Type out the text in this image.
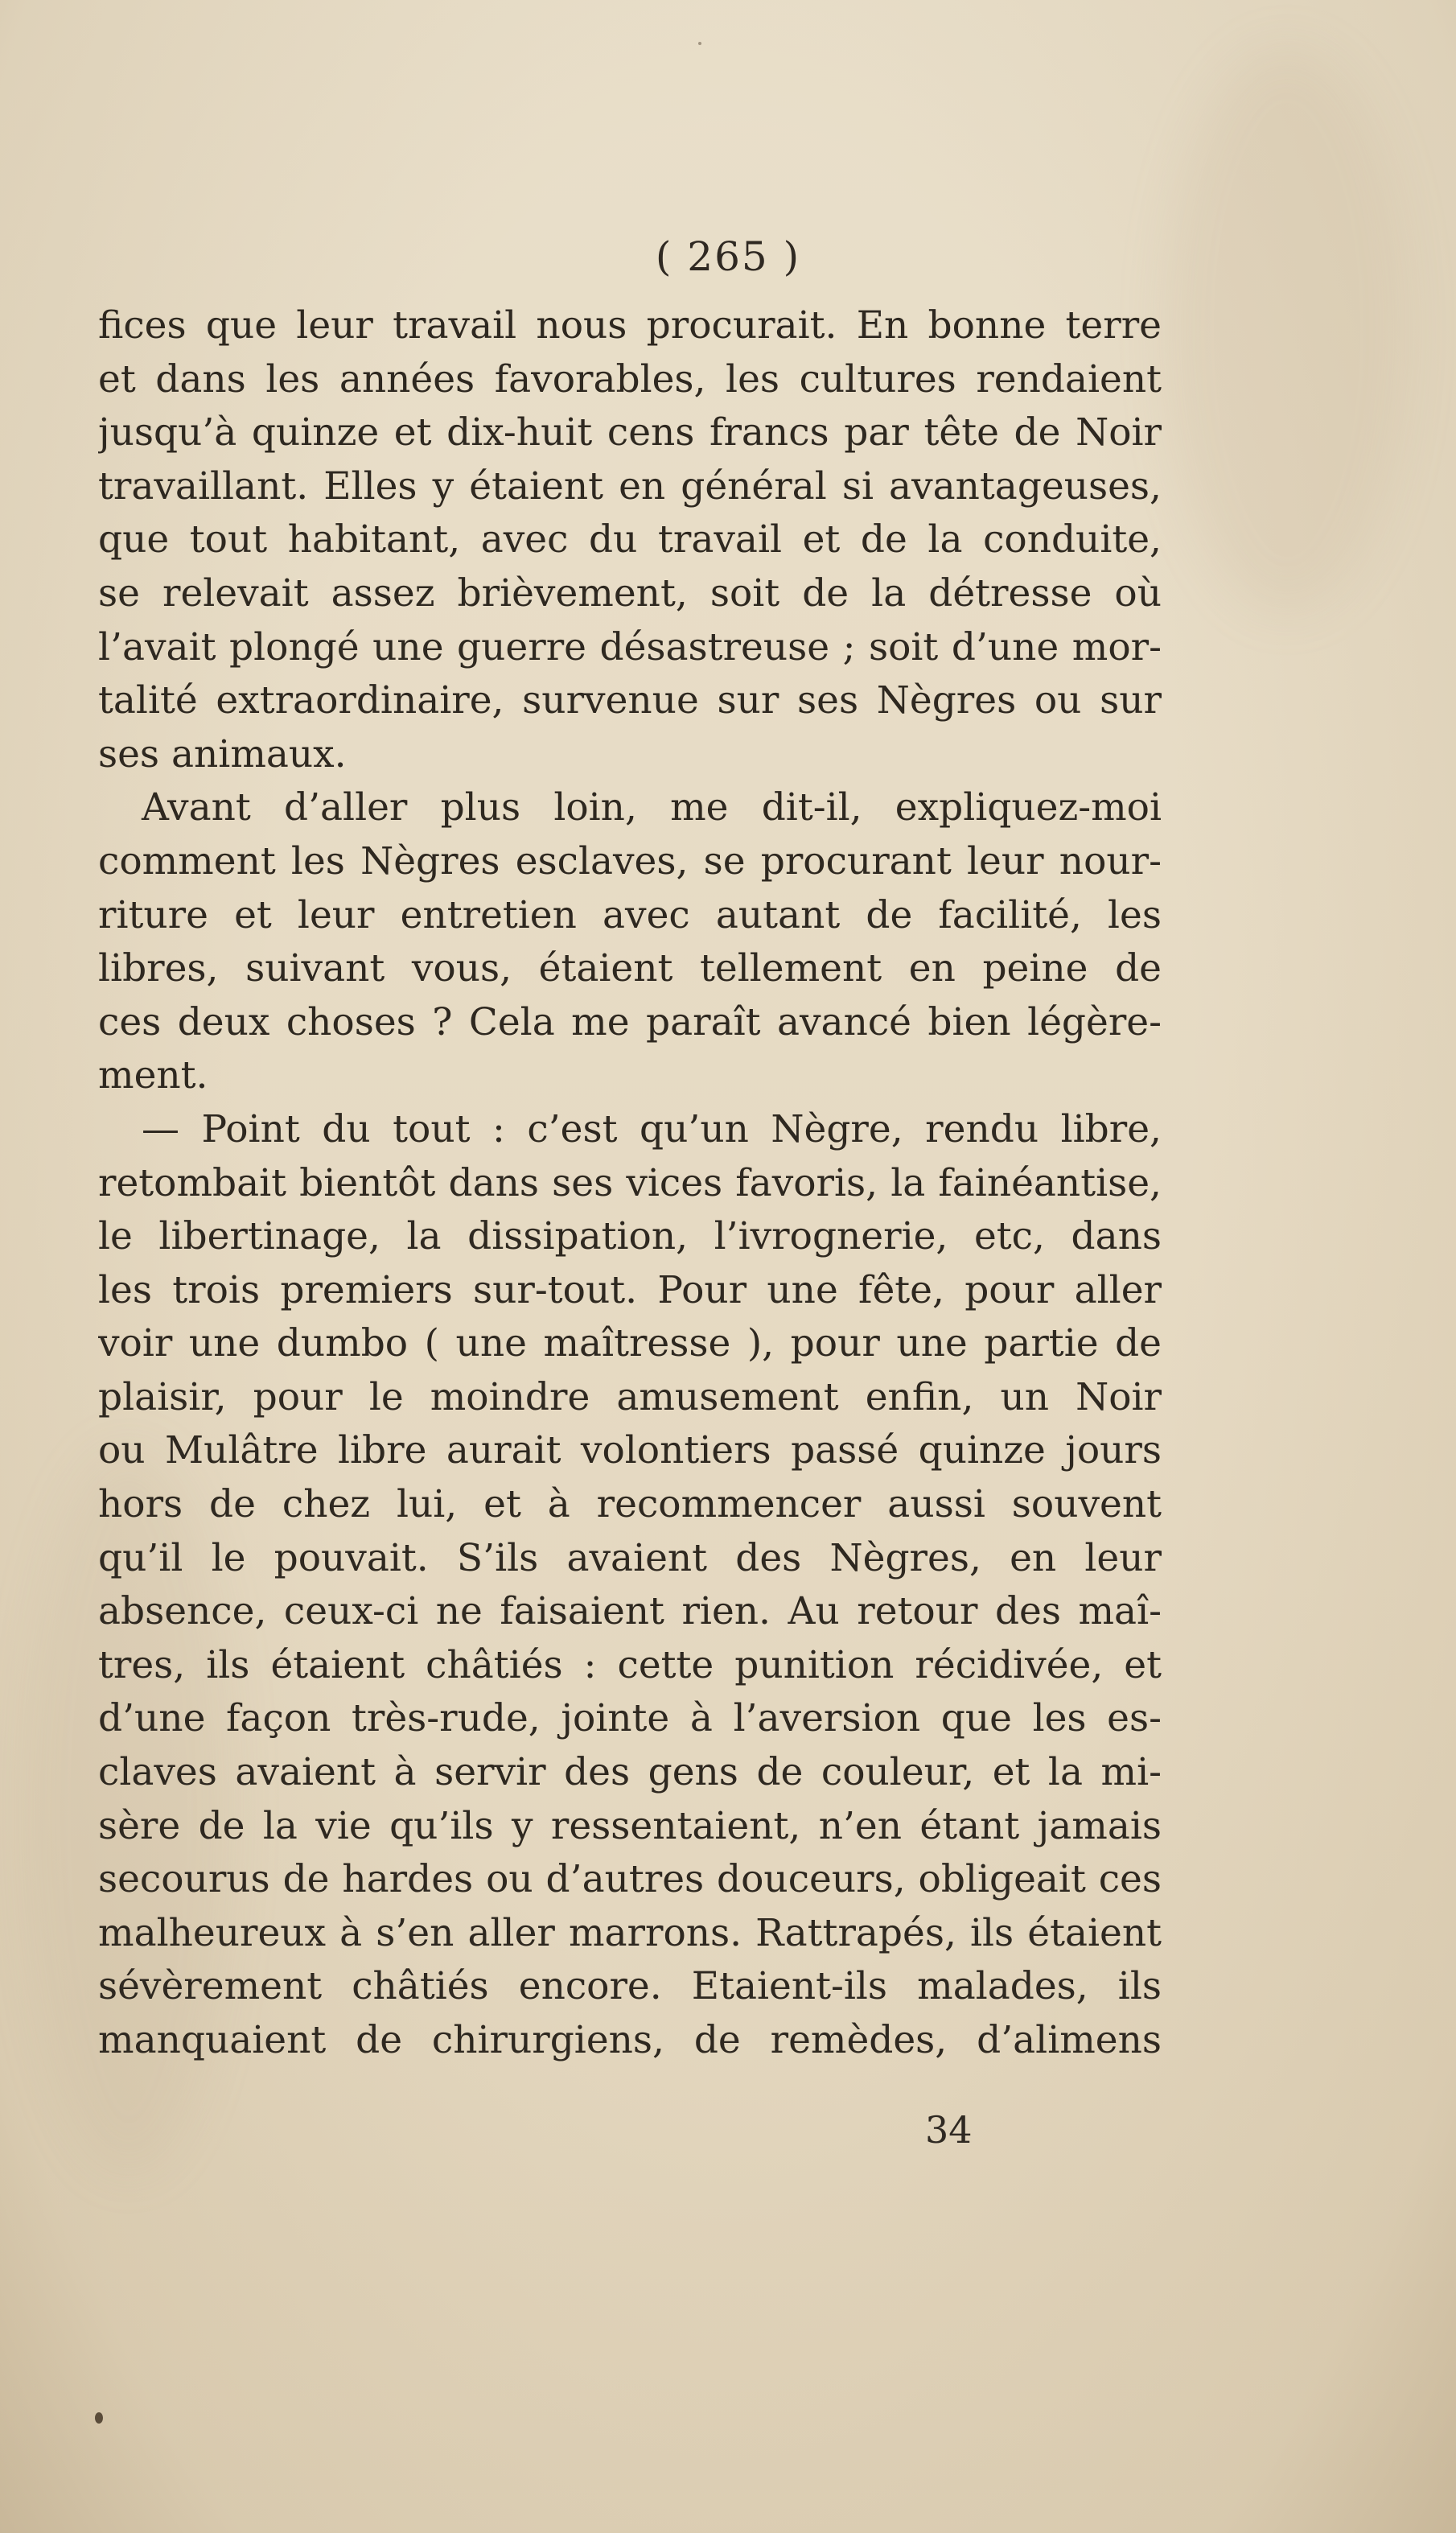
( 265 )
fices que leur travail nous procurait. En bonne terre
et dans les années favorables, les cultures rendaient
jusqu’à quinze et dix-huit cens francs par tête de Noir
travaillant. Elles y étaient en général si avantageuses,
que tout habitant, avec du travail et de la conduite,
se relevait assez brièvement, soit de la détresse où
l’avait plongé une guerre désastreuse ; soit d’une mor-
talité extraordinaire, survenue sur ses Nègres ou sur
ses animaux.
Avant d’aller plus loin, me dit-il, expliquez-moi
comment les Nègres esclaves, se procurant leur nour-
riture et leur entretien avec autant de facilité, les
libres, suivant vous, étaient tellement en peine de
ces deux choses ? Cela me paraît avancé bien légère-
ment.
— Point du tout : c’est qu’un Nègre, rendu libre,
retombait bientôt dans ses vices favoris, la fainéantise,
le libertinage, la dissipation, l’ivrognerie, etc, dans
les trois premiers sur-tout. Pour une fête, pour aller
voir une dumbo ( une maîtresse ), pour une partie de
plaisir, pour le moindre amusement enfin, un Noir
ou Mulâtre libre aurait volontiers passé quinze jours
hors de chez lui, et à recommencer aussi souvent
qu’il le pouvait. S’ils avaient des Nègres, en leur
absence, ceux-ci ne faisaient rien. Au retour des maî-
tres, ils étaient châtiés : cette punition récidivée, et
d’une façon très-rude, jointe à l’aversion que les es-
claves avaient à servir des gens de couleur, et la mi-
sère de la vie qu’ils y ressentaient, n’en étant jamais
secourus de hardes ou d’autres douceurs, obligeait ces
malheureux à s’en aller marrons. Rattrapés, ils étaient
sévèrement châtiés encore. Etaient-ils malades, ils
manquaient de chirurgiens, de remèdes, d’alimens
34
